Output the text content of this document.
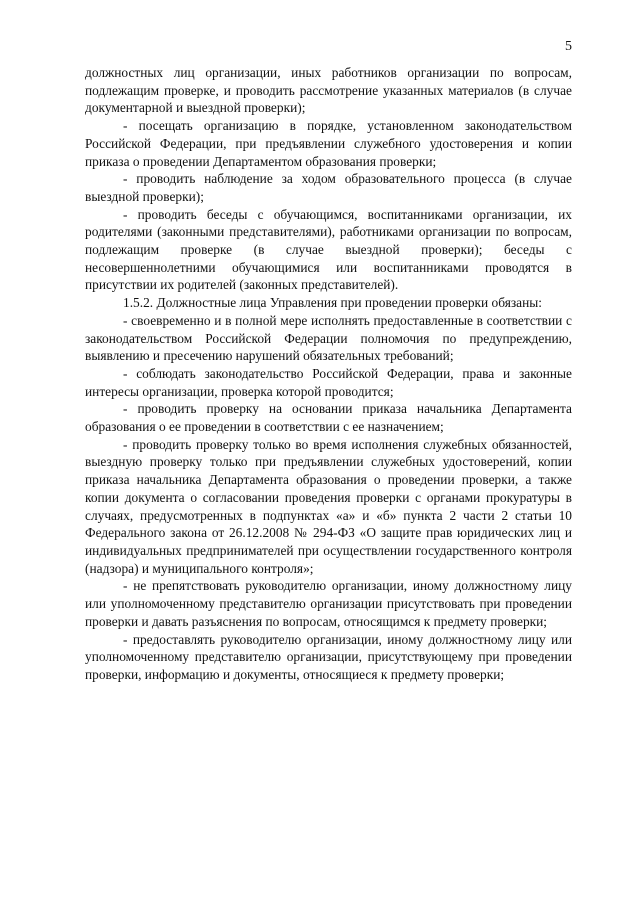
5

должностных лиц организации, иных работников организации по вопросам, подлежащим проверке, и проводить рассмотрение указанных материалов (в случае документарной и выездной проверки);

- посещать организацию в порядке, установленном законодательством Российской Федерации, при предъявлении служебного удостоверения и копии приказа о проведении Департаментом образования проверки;

- проводить наблюдение за ходом образовательного процесса (в случае выездной проверки);

- проводить беседы с обучающимся, воспитанниками организации, их родителями (законными представителями), работниками организации по вопросам, подлежащим проверке (в случае выездной проверки); беседы с несовершеннолетними обучающимися или воспитанниками проводятся в присутствии их родителей (законных представителей).

1.5.2. Должностные лица Управления при проведении проверки обязаны:

- своевременно и в полной мере исполнять предоставленные в соответствии с законодательством Российской Федерации полномочия по предупреждению, выявлению и пресечению нарушений обязательных требований;

- соблюдать законодательство Российской Федерации, права и законные интересы организации, проверка которой проводится;

- проводить проверку на основании приказа начальника Департамента образования о ее проведении в соответствии с ее назначением;

- проводить проверку только во время исполнения служебных обязанностей, выездную проверку только при предъявлении служебных удостоверений, копии приказа начальника Департамента образования о проведении проверки, а также копии документа о согласовании проведения проверки с органами прокуратуры в случаях, предусмотренных в подпунктах «а» и «б» пункта 2 части 2 статьи 10 Федерального закона от 26.12.2008 № 294-ФЗ «О защите прав юридических лиц и индивидуальных предпринимателей при осуществлении государственного контроля (надзора) и муниципального контроля»;

- не препятствовать руководителю организации, иному должностному лицу или уполномоченному представителю организации присутствовать при проведении проверки и давать разъяснения по вопросам, относящимся к предмету проверки;

- предоставлять руководителю организации, иному должностному лицу или уполномоченному представителю организации, присутствующему при проведении проверки, информацию и документы, относящиеся к предмету проверки;
